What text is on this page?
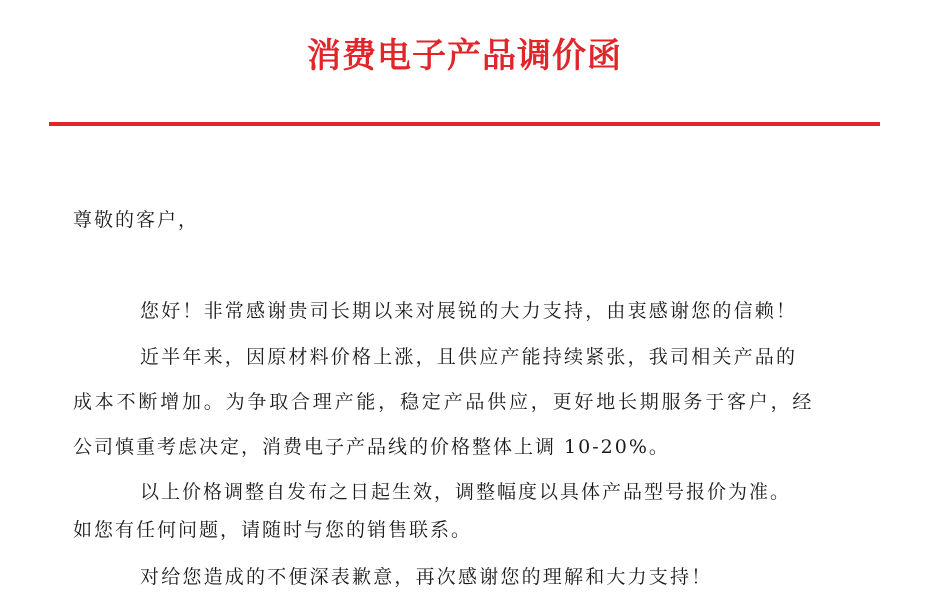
消费电子产品调价函
尊敬的客户，
您好！非常感谢贵司长期以来对展锐的大力支持，由衷感谢您的信赖！
近半年来，因原材料价格上涨，且供应产能持续紧张，我司相关产品的
成本不断增加。为争取合理产能，稳定产品供应，更好地长期服务于客户，经
公司慎重考虑决定，消费电子产品线的价格整体上调 10-20%。
以上价格调整自发布之日起生效，调整幅度以具体产品型号报价为准。
如您有任何问题，请随时与您的销售联系。
对给您造成的不便深表歉意，再次感谢您的理解和大力支持！
